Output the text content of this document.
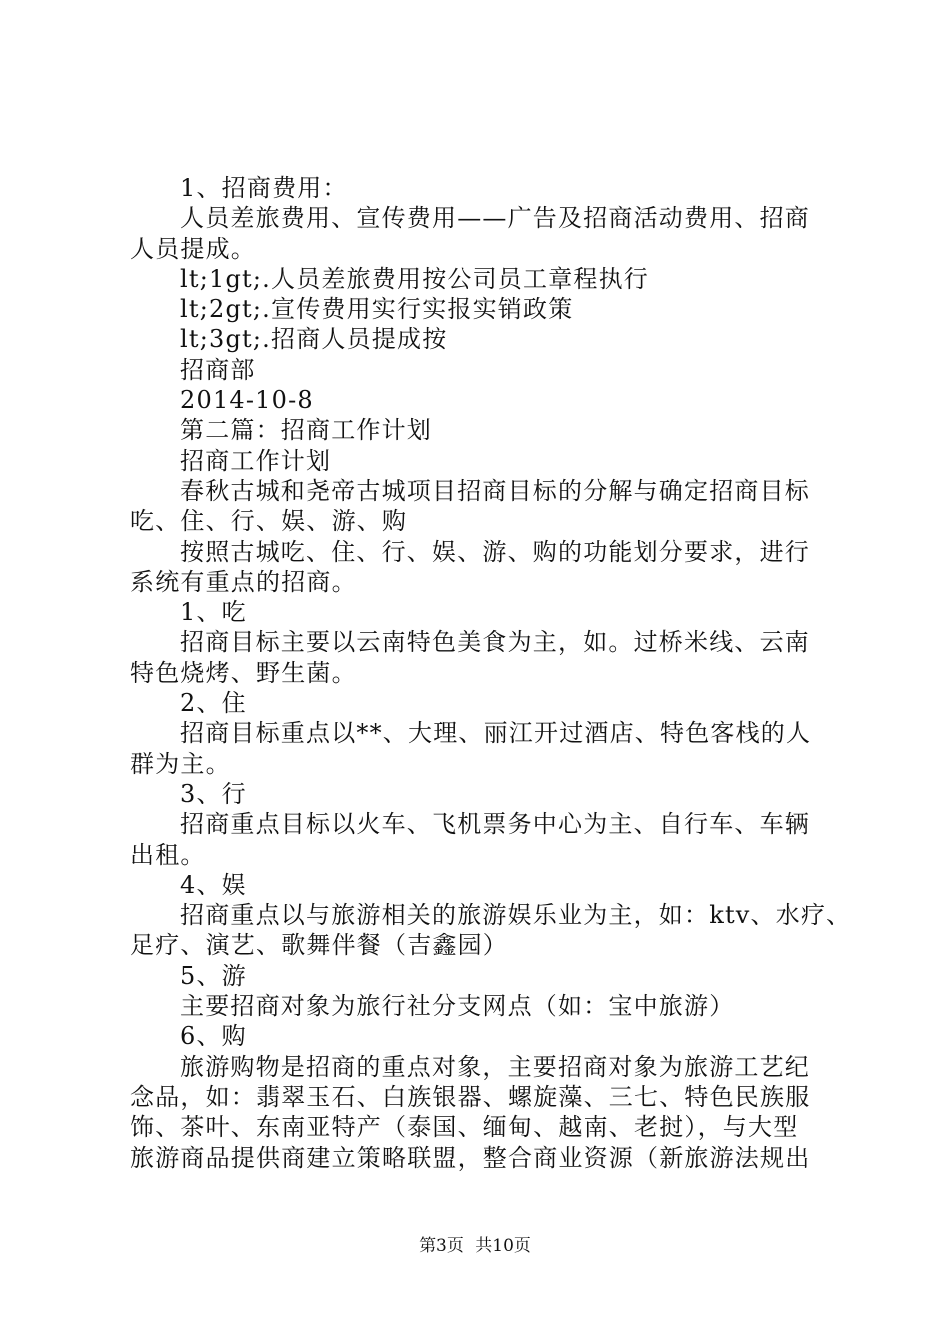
1、招商费用：
人员差旅费用、宣传费用——广告及招商活动费用、招商
人员提成。
lt;1gt;.人员差旅费用按公司员工章程执行
lt;2gt;.宣传费用实行实报实销政策
lt;3gt;.招商人员提成按
招商部
2014-10-8
第二篇：招商工作计划
招商工作计划
春秋古城和尧帝古城项目招商目标的分解与确定招商目标
吃、住、行、娱、游、购
按照古城吃、住、行、娱、游、购的功能划分要求，进行
系统有重点的招商。
1、吃
招商目标主要以云南特色美食为主，如。过桥米线、云南
特色烧烤、野生菌。
2、住
招商目标重点以**、大理、丽江开过酒店、特色客栈的人
群为主。
3、行
招商重点目标以火车、飞机票务中心为主、自行车、车辆
出租。
4、娱
招商重点以与旅游相关的旅游娱乐业为主，如：ktv、水疗、
足疗、演艺、歌舞伴餐（吉鑫园）
5、游
主要招商对象为旅行社分支网点（如：宝中旅游）
6、购
旅游购物是招商的重点对象，主要招商对象为旅游工艺纪
念品，如：翡翠玉石、白族银器、螺旋藻、三七、特色民族服
饰、茶叶、东南亚特产（泰国、缅甸、越南、老挝），与大型
旅游商品提供商建立策略联盟，整合商业资源（新旅游法规出
第3页 共10页
